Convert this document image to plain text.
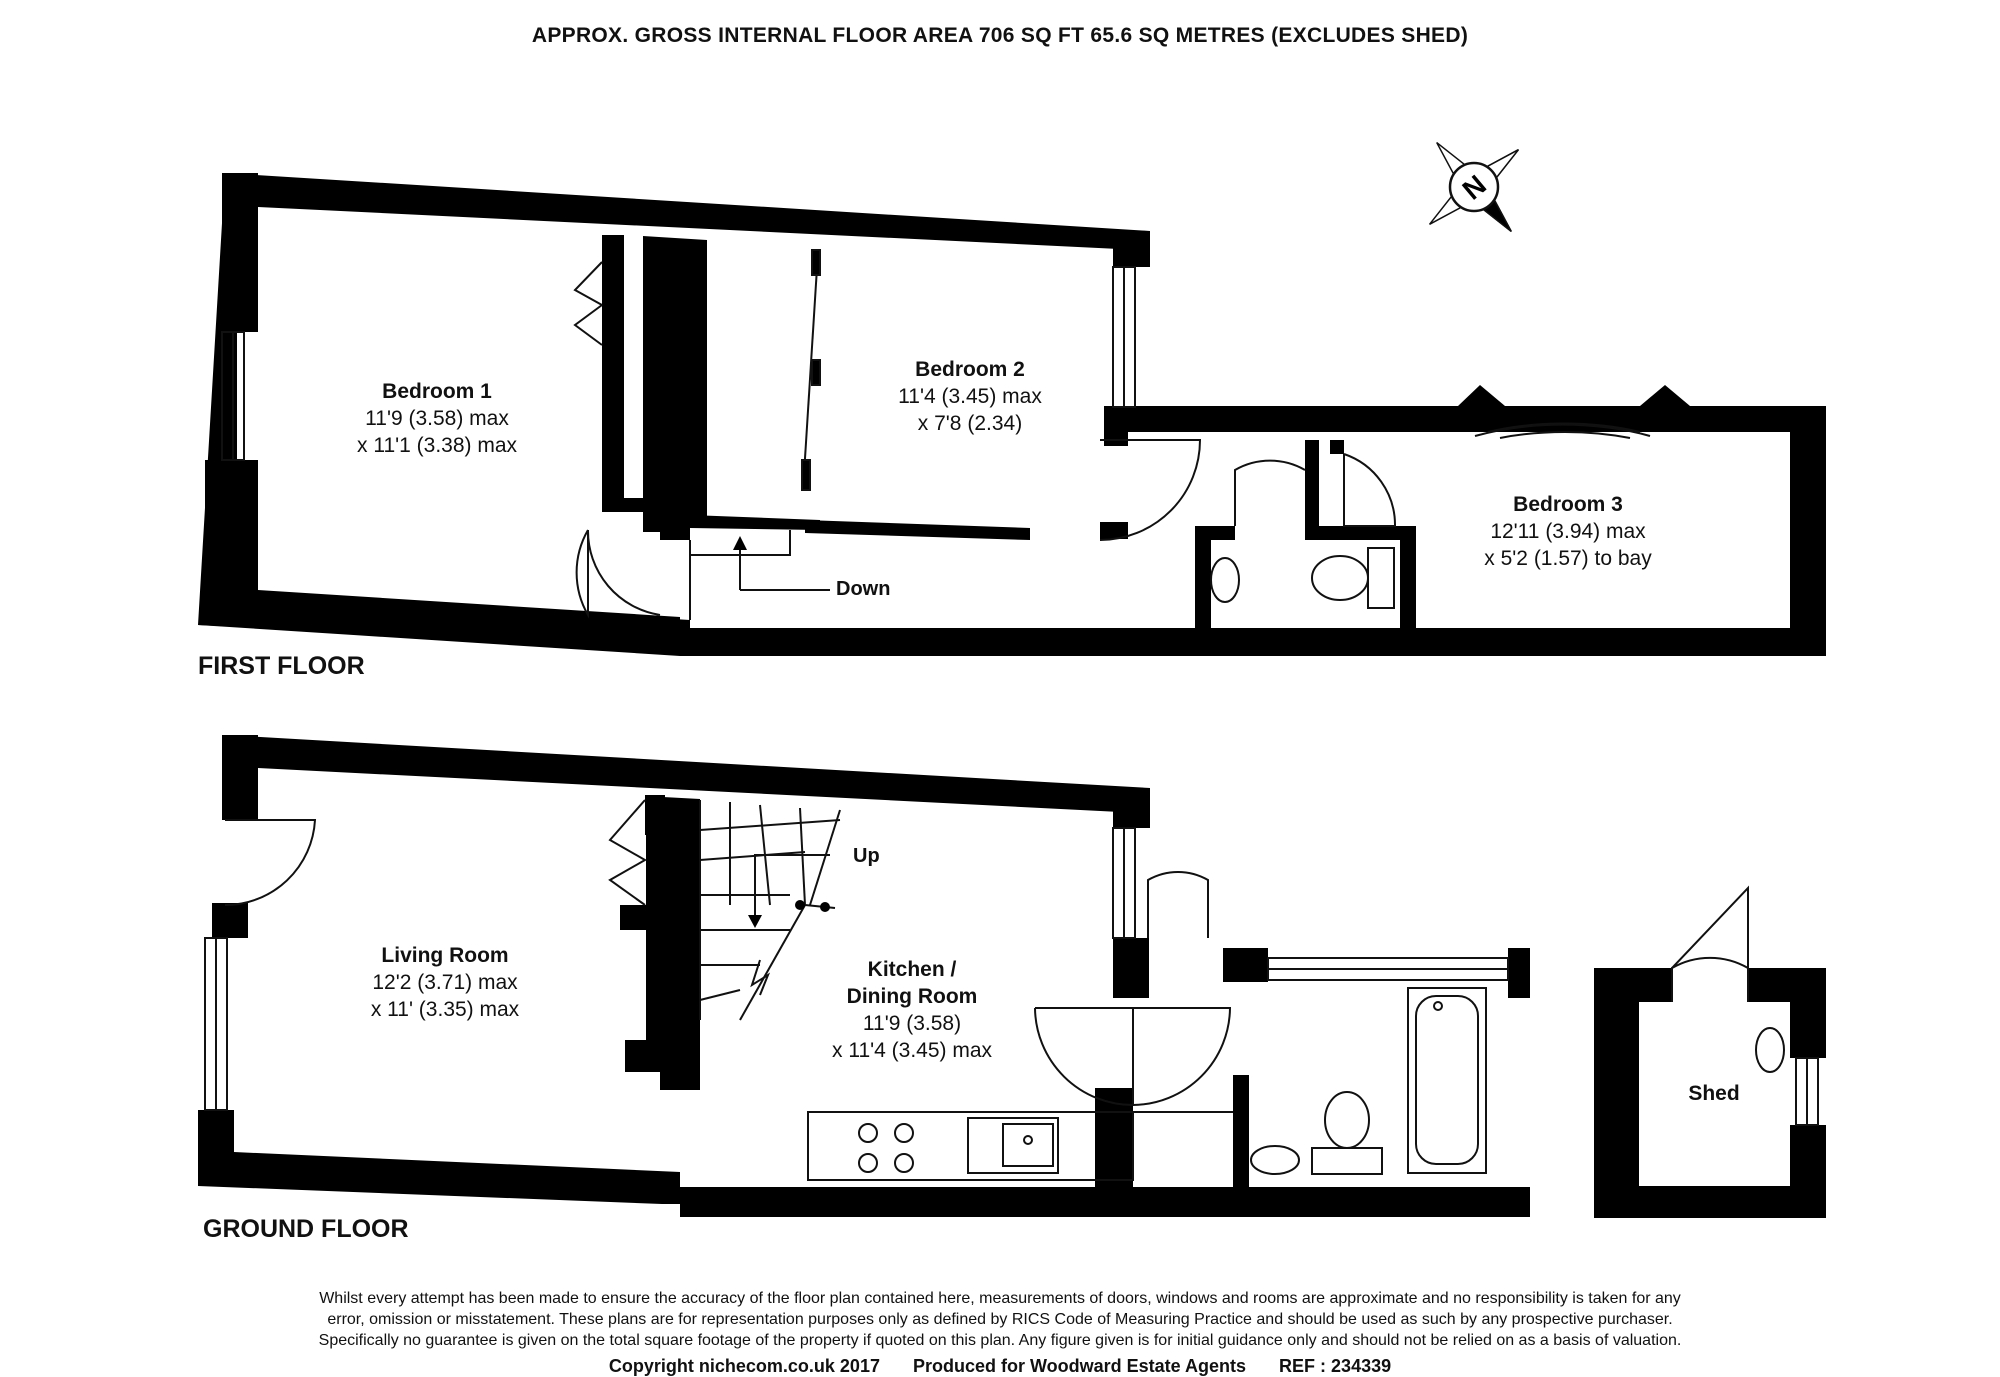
APPROX. GROSS INTERNAL FLOOR AREA 706 SQ FT 65.6 SQ METRES (EXCLUDES SHED)
N
FIRST FLOOR
GROUND FLOOR
Bedroom 1
11'9 (3.58) max
x 11'1 (3.38) max
Bedroom 2
11'4 (3.45) max
x 7'8 (2.34)
Bedroom 3
12'11 (3.94) max
x 5'2 (1.57) to bay
Down
Living Room
12'2 (3.71) max
x 11' (3.35) max
Kitchen /
Dining Room
11'9 (3.58)
x 11'4 (3.45) max
Shed
Up
Whilst every attempt has been made to ensure the accuracy of the floor plan contained here, measurements of doors, windows and rooms are approximate and no responsibility is taken for any
error, omission or misstatement. These plans are for representation purposes only as defined by RICS Code of Measuring Practice and should be used as such by any prospective purchaser.
Specifically no guarantee is given on the total square footage of the property if quoted on this plan. Any figure given is for initial guidance only and should not be relied on as a basis of valuation.
Copyright nichecom.co.uk 2017 Produced for Woodward Estate Agents REF : 234339
